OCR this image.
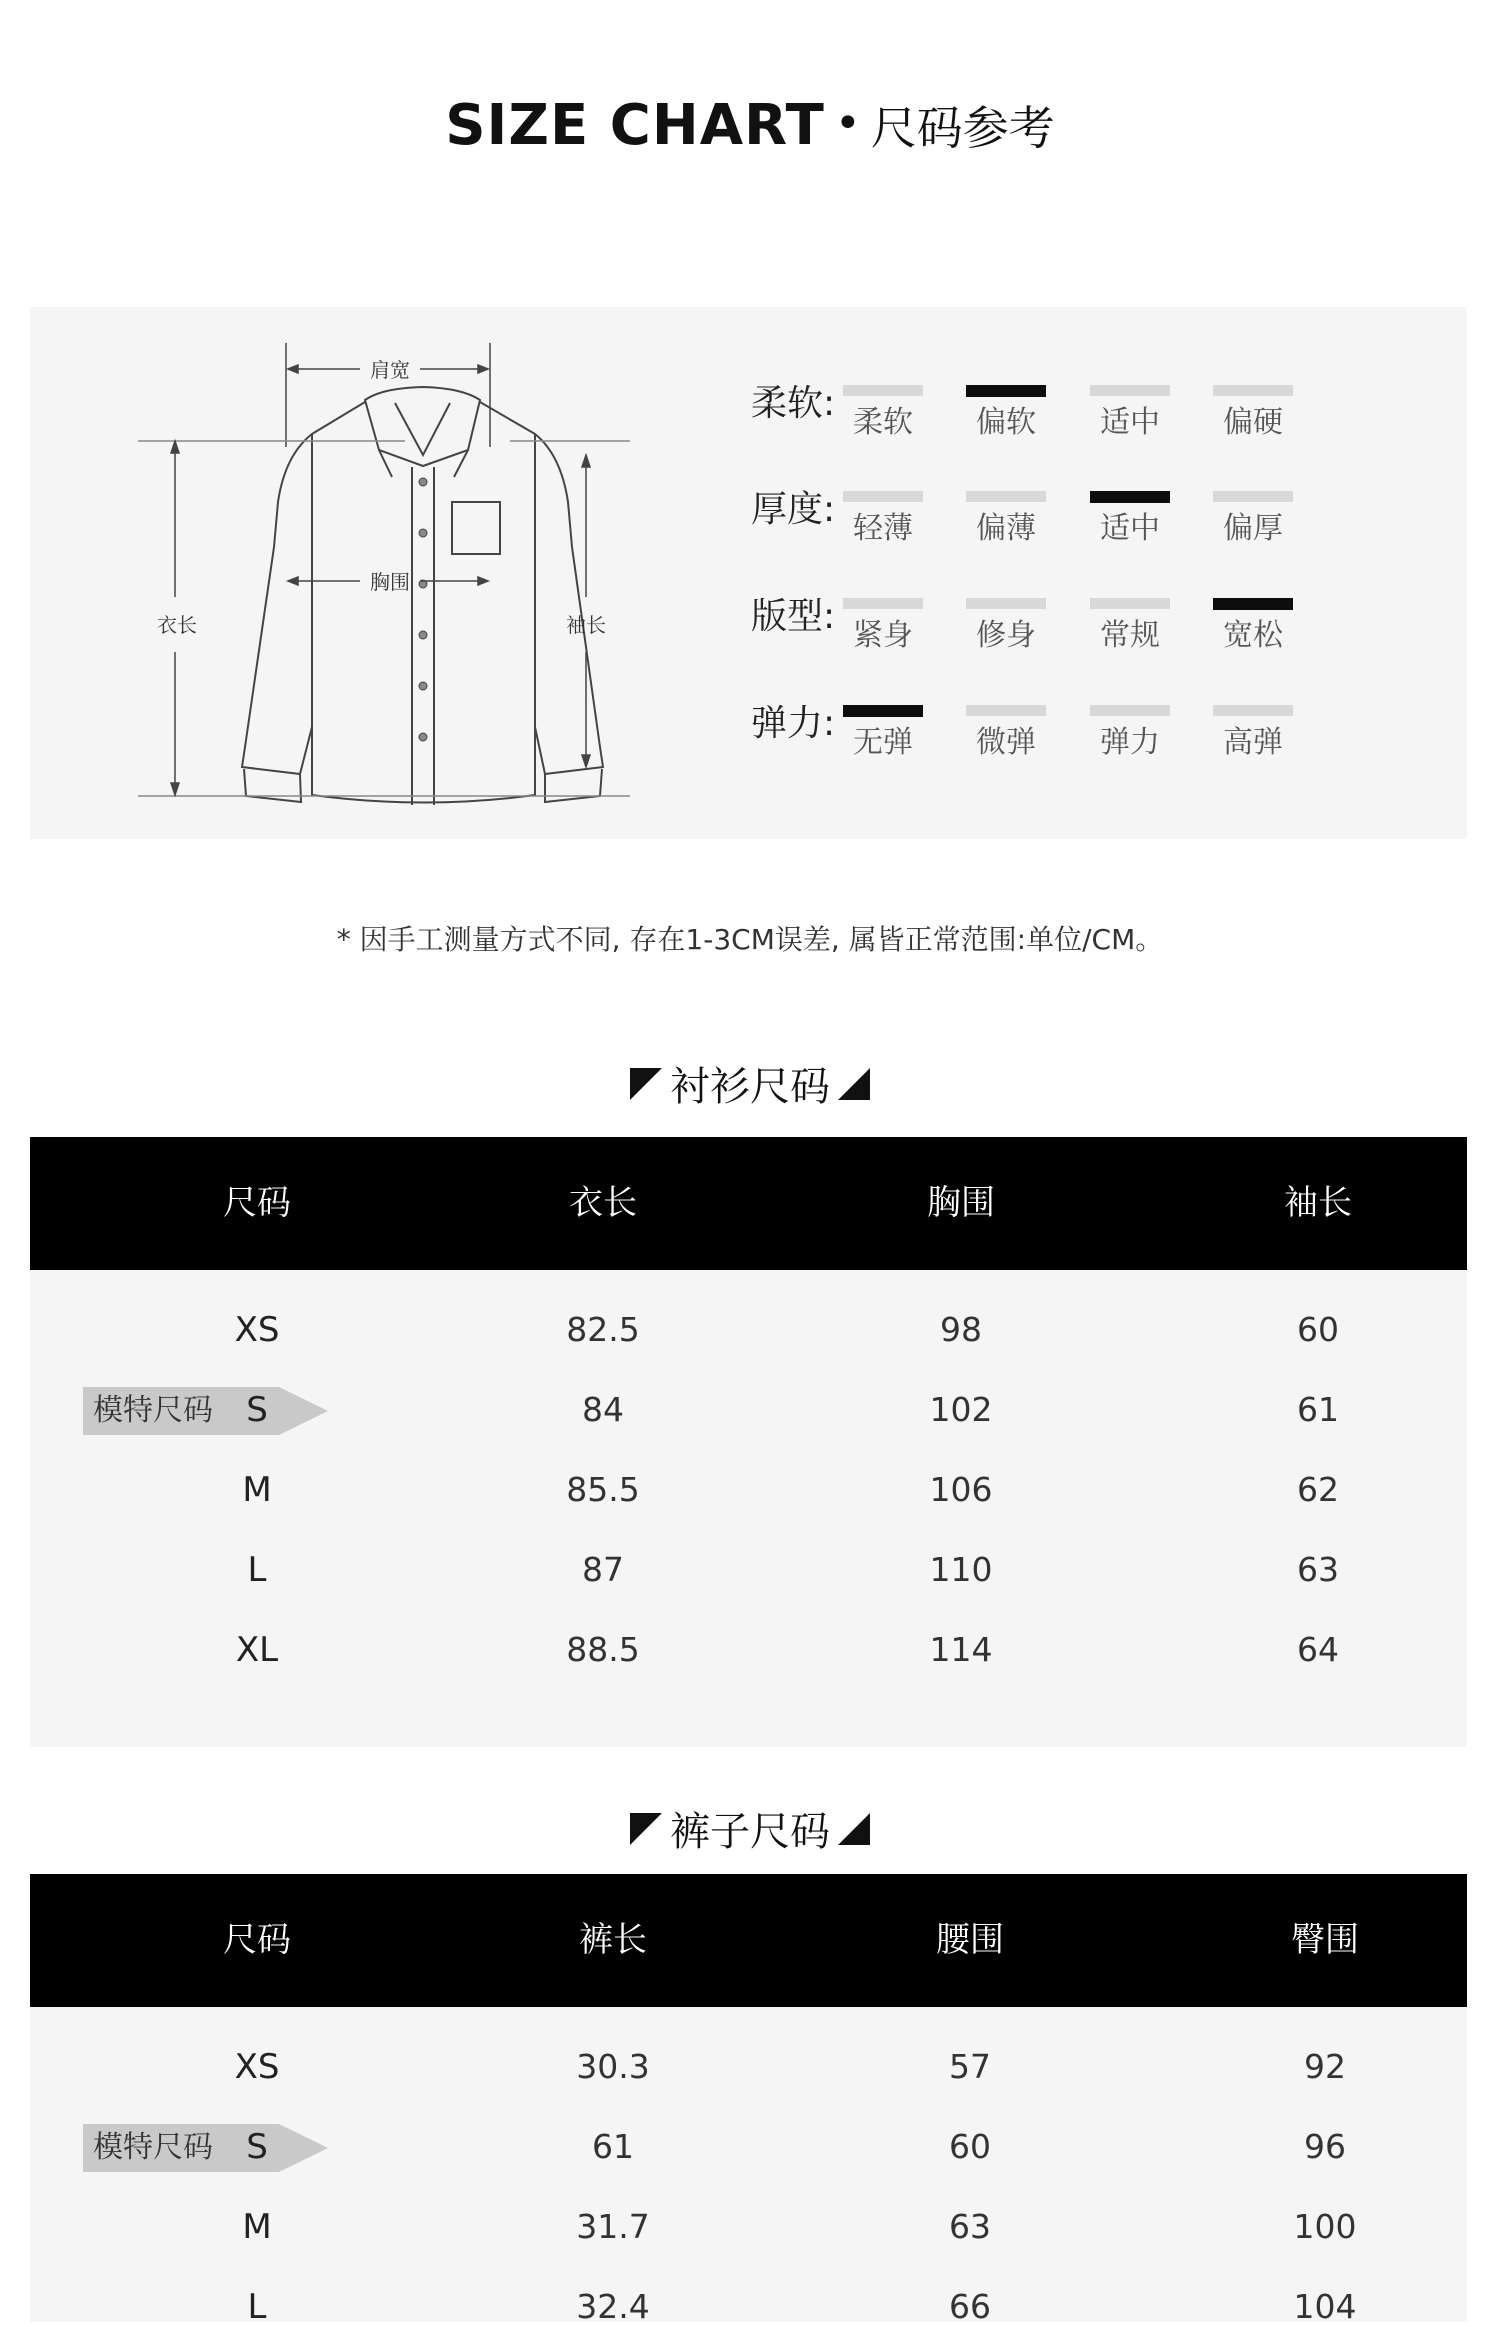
SIZE CHART • 尺码参考
肩宽
胸围
衣长	袖长
柔软: 柔软	偏软	适中	偏硬
厚度: 轻薄	偏薄	适中	偏厚
版型: 紧身	修身	常规	宽松
弹力: 无弹	微弹	弹力	高弹
* 因手工测量方式不同, 存在1-3CM误差, 属皆正常范围:单位/CM。
衬衫尺码
尺码	衣长	胸围	袖长
XS	82.5	98	60
模特尺码 S	84	102	61
M	85.5	106	62
L	87	110	63
XL	88.5	114	64
裤子尺码
尺码	裤长	腰围	臀围
XS	30.3	57	92
模特尺码 S	61	60	96
M	31.7	63	100
L	32.4	66	104
